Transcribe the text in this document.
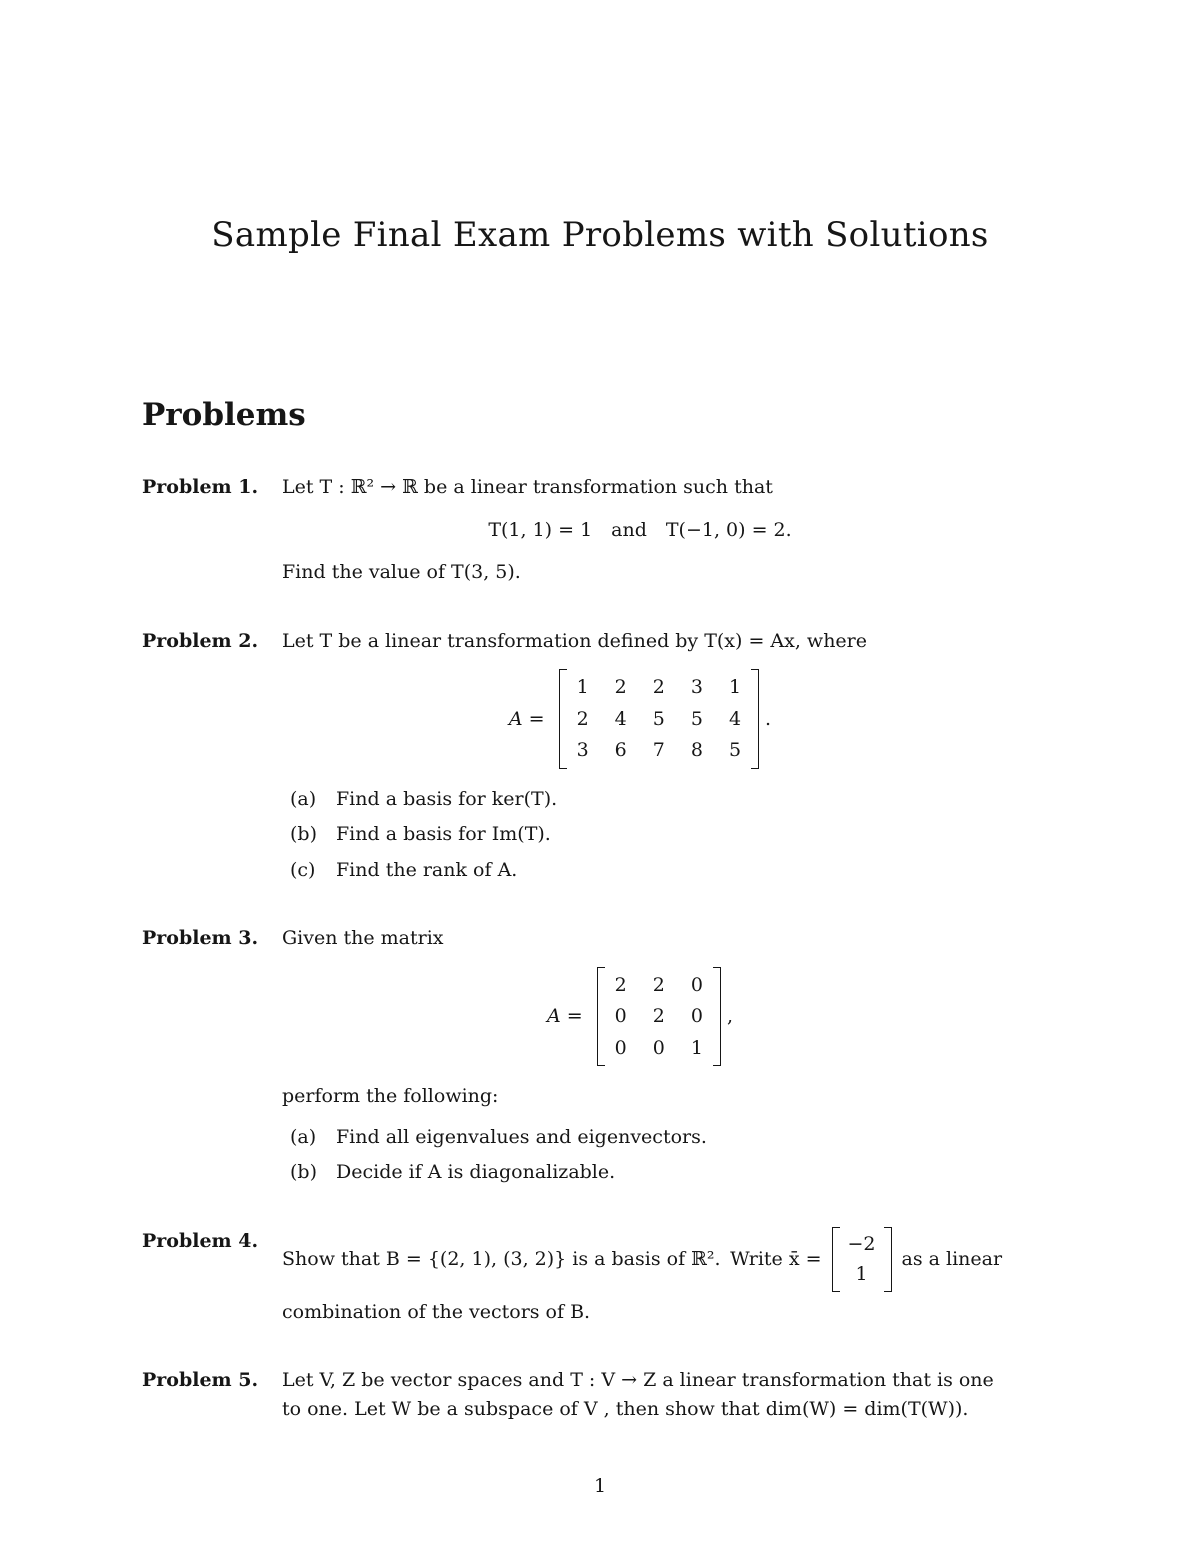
Sample Final Exam Problems with Solutions
Problems
Problem 1.	Let T : ℝ² → ℝ be a linear transformation such that
T(1, 1) = 1 and T(−1, 0) = 2.
Find the value of T(3, 5).
Problem 2.	Let T be a linear transformation defined by T(x) = Ax, where
A =
1 2 2 3 1
2 4 5 5 4
3 6 7 8 5
.
(a)	Find a basis for ker(T).
(b)	Find a basis for Im(T).
(c)	Find the rank of A.
Problem 3.	Given the matrix
A =
2 2 0
0 2 0
0 0 1
,
perform the following:
(a)	Find all eigenvalues and eigenvectors.
(b)	Decide if A is diagonalizable.
Problem 4.
Show that B = {(2, 1), (3, 2)} is a basis of ℝ². Write x̄ =
−2
1
as a linear
combination of the vectors of B.
Problem 5.	Let V, Z be vector spaces and T : V → Z a linear transformation that is one
to one. Let W be a subspace of V , then show that dim(W) = dim(T(W)).
1
